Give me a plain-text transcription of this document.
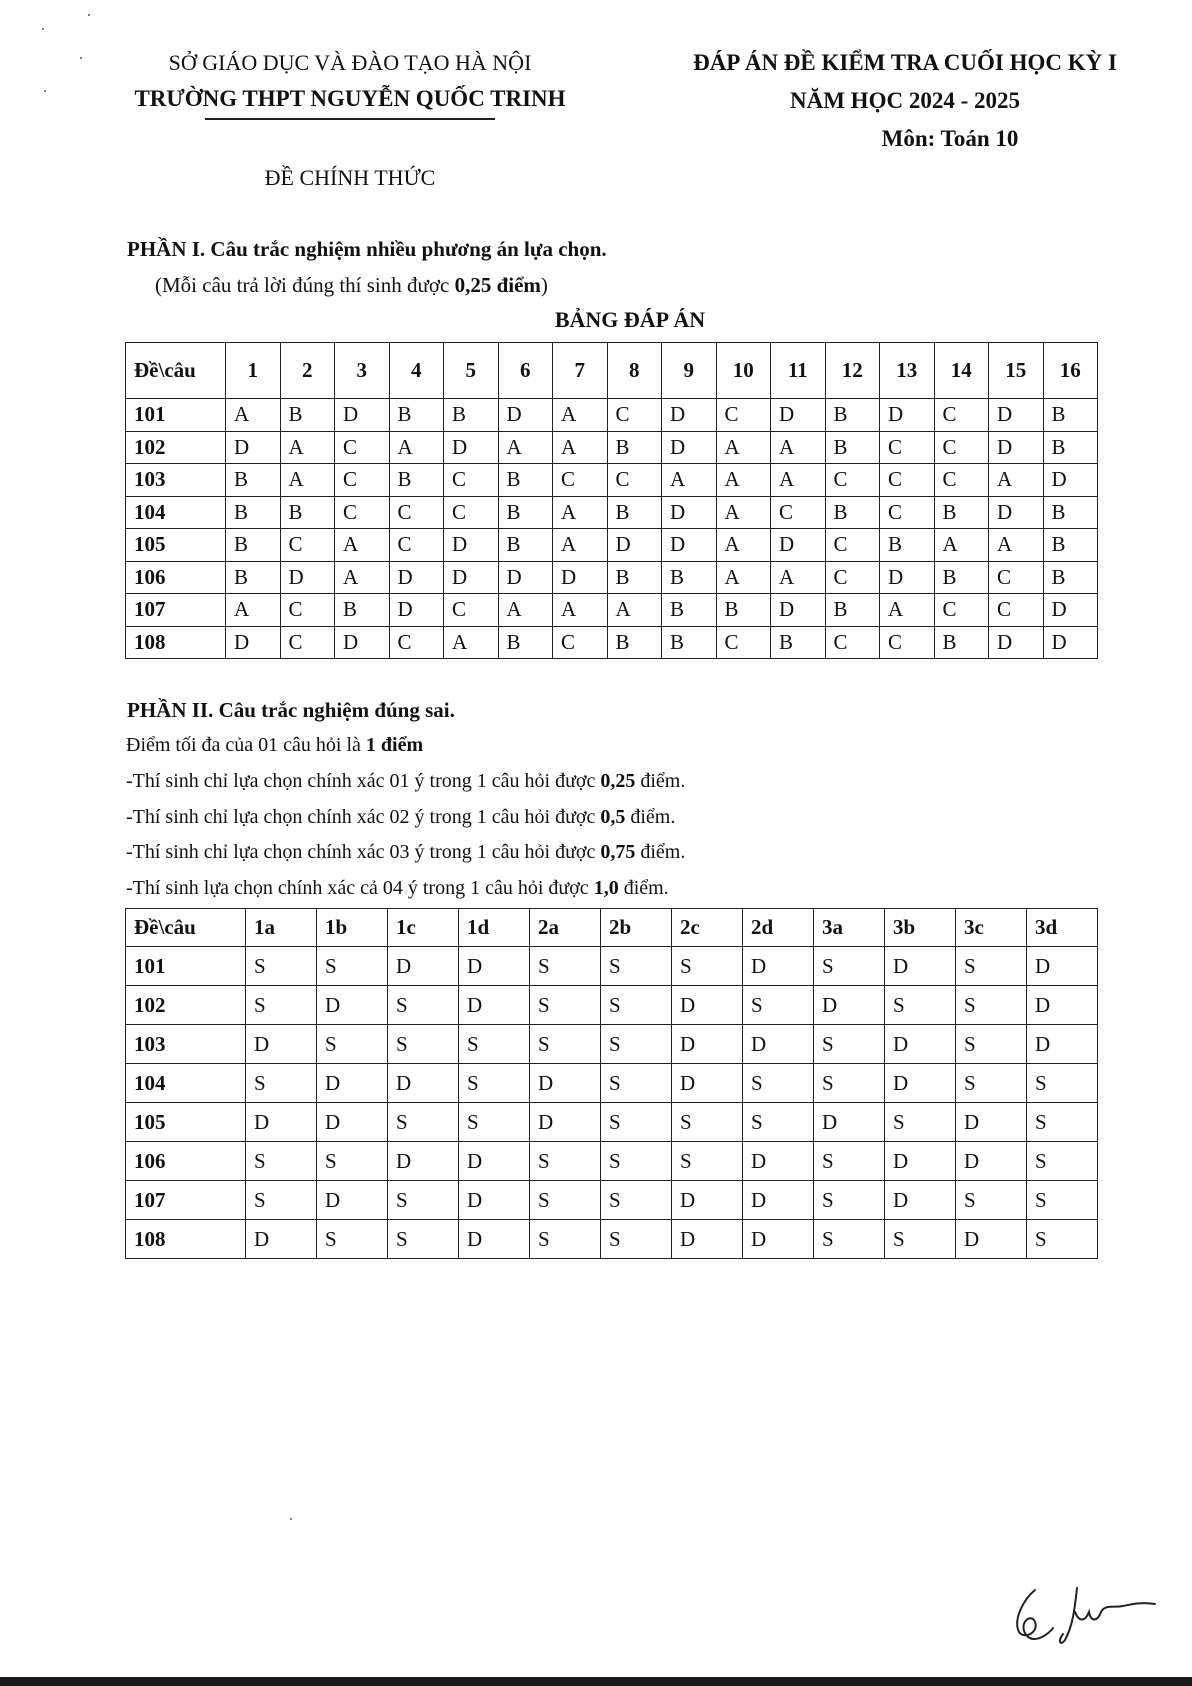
SỞ GIÁO DỤC VÀ ĐÀO TẠO HÀ NỘI
TRƯỜNG THPT NGUYỄN QUỐC TRINH
ĐỀ CHÍNH THỨC
ĐÁP ÁN ĐỀ KIỂM TRA CUỐI HỌC KỲ I
NĂM HỌC 2024 - 2025
Môn: Toán 10
PHẦN I. Câu trắc nghiệm nhiều phương án lựa chọn.
(Mỗi câu trả lời đúng thí sinh được 0,25 điểm)
BẢNG ĐÁP ÁN
Đề\câu	1	2	3	4	5	6	7	8	9	10	11	12	13	14	15	16
101	A	B	D	B	B	D	A	C	D	C	D	B	D	C	D	B
102	D	A	C	A	D	A	A	B	D	A	A	B	C	C	D	B
103	B	A	C	B	C	B	C	C	A	A	A	C	C	C	A	D
104	B	B	C	C	C	B	A	B	D	A	C	B	C	B	D	B
105	B	C	A	C	D	B	A	D	D	A	D	C	B	A	A	B
106	B	D	A	D	D	D	D	B	B	A	A	C	D	B	C	B
107	A	C	B	D	C	A	A	A	B	B	D	B	A	C	C	D
108	D	C	D	C	A	B	C	B	B	C	B	C	C	B	D	D
PHẦN II. Câu trắc nghiệm đúng sai.
Điểm tối đa của 01 câu hỏi là 1 điểm
-Thí sinh chỉ lựa chọn chính xác 01 ý trong 1 câu hỏi được 0,25 điểm.
-Thí sinh chỉ lựa chọn chính xác 02 ý trong 1 câu hỏi được 0,5 điểm.
-Thí sinh chỉ lựa chọn chính xác 03 ý trong 1 câu hỏi được 0,75 điểm.
-Thí sinh lựa chọn chính xác cả 04 ý trong 1 câu hỏi được 1,0 điểm.
Đề\câu	1a	1b	1c	1d	2a	2b	2c	2d	3a	3b	3c	3d
101	S	S	D	D	S	S	S	D	S	D	S	D
102	S	D	S	D	S	S	D	S	D	S	S	D
103	D	S	S	S	S	S	D	D	S	D	S	D
104	S	D	D	S	D	S	D	S	S	D	S	S
105	D	D	S	S	D	S	S	S	D	S	D	S
106	S	S	D	D	S	S	S	D	S	D	D	S
107	S	D	S	D	S	S	D	D	S	D	S	S
108	D	S	S	D	S	S	D	D	S	S	D	S
